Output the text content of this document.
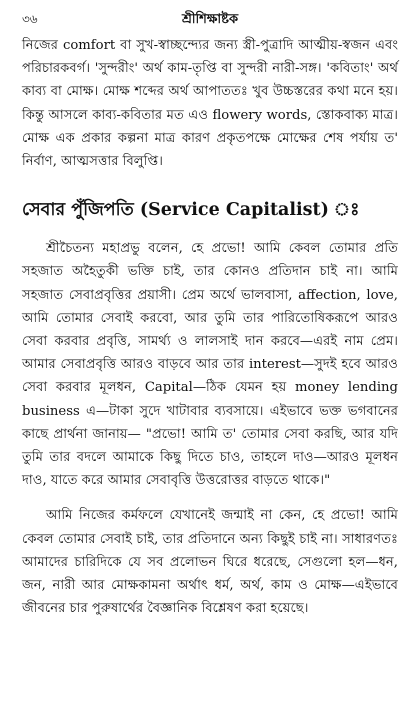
৩৬	শ্রীশিক্ষাষ্টক

নিজের comfort বা সুখ-স্বাচ্ছন্দ্যের জন্য স্ত্রী-পুত্রাদি আত্মীয়-স্বজন এবং পরিচারকবর্গ। 'সুন্দরীং' অর্থ কাম-তৃপ্তি বা সুন্দরী নারী-সঙ্গ। 'কবিতাং' অর্থ কাব্য বা মোক্ষ। মোক্ষ শব্দের অর্থ আপাততঃ খুব উচ্চস্তরের কথা মনে হয়। কিন্তু আসলে কাব্য-কবিতার মত এও flowery words, স্তোকবাক্য মাত্র। মোক্ষ এক প্রকার কল্পনা মাত্র কারণ প্রকৃতপক্ষে মোক্ষের শেষ পর্যায় ত' নির্বাণ, আত্মসত্তার বিলুপ্তি।

সেবার পুঁজিপতি (Service Capitalist) ঃ

শ্রীচৈতন্য মহাপ্রভু বলেন, হে প্রভো! আমি কেবল তোমার প্রতি সহজাত অহৈতুকী ভক্তি চাই, তার কোনও প্রতিদান চাই না। আমি সহজাত সেবাপ্রবৃত্তির প্রয়াসী। প্রেম অর্থে ভালবাসা, affection, love, আমি তোমার সেবাই করবো, আর তুমি তার পারিতোষিকরূপে আরও সেবা করবার প্রবৃত্তি, সামর্থ্য ও লালসাই দান করবে—এরই নাম প্রেম। আমার সেবাপ্রবৃত্তি আরও বাড়বে আর তার interest—সুদই হবে আরও সেবা করবার মূলধন, Capital—ঠিক যেমন হয় money lending business এ—টাকা সুদে খাটাবার ব্যবসায়ে। এইভাবে ভক্ত ভগবানের কাছে প্রার্থনা জানায়— "প্রভো! আমি ত' তোমার সেবা করছি, আর যদি তুমি তার বদলে আমাকে কিছু দিতে চাও, তাহলে দাও—আরও মূলধন দাও, যাতে করে আমার সেবাবৃত্তি উত্তরোত্তর বাড়তে থাকে।"

আমি নিজের কর্মফলে যেখানেই জন্মাই না কেন, হে প্রভো! আমি কেবল তোমার সেবাই চাই, তার প্রতিদানে অন্য কিছুই চাই না। সাধারণতঃ আমাদের চারিদিকে যে সব প্রলোভন ঘিরে ধরেছে, সেগুলো হল—ধন, জন, নারী আর মোক্ষকামনা অর্থাৎ ধর্ম, অর্থ, কাম ও মোক্ষ—এইভাবে জীবনের চার পুরুষার্থের বৈজ্ঞানিক বিশ্লেষণ করা হয়েছে।
